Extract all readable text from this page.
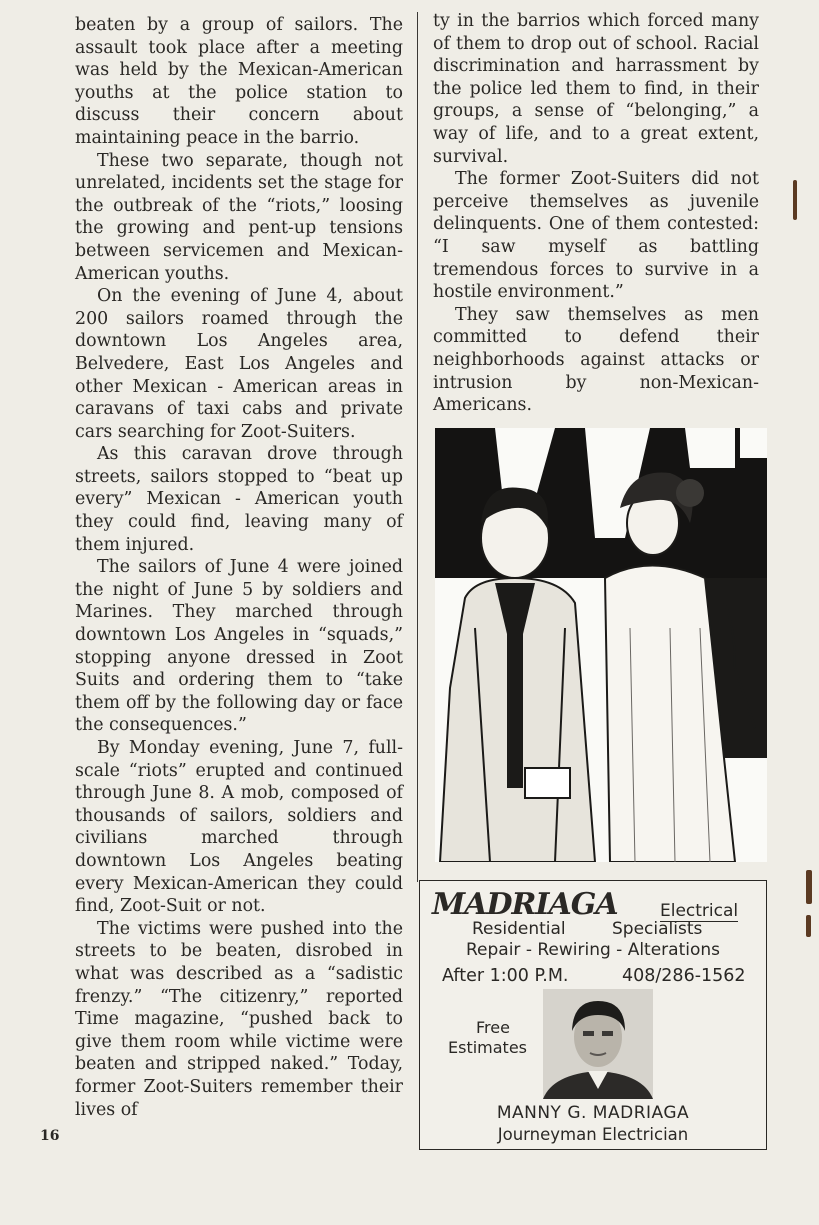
beaten by a group of sailors. The assault took place after a meeting was held by the Mexican-American youths at the police station to discuss their concern about maintaining peace in the barrio.

These two separate, though not unrelated, incidents set the stage for the outbreak of the “riots,” loosing the growing and pent-up tensions between servicemen and Mexican-American youths.

On the evening of June 4, about 200 sailors roamed through the downtown Los Angeles area, Belvedere, East Los Angeles and other Mexican - American areas in caravans of taxi cabs and private cars searching for Zoot-Suiters.

As this caravan drove through streets, sailors stopped to “beat up every” Mexican - American youth they could find, leaving many of them injured.

The sailors of June 4 were joined the night of June 5 by soldiers and Marines. They marched through downtown Los Angeles in “squads,” stopping anyone dressed in Zoot Suits and ordering them to “take them off by the following day or face the consequences.”

By Monday evening, June 7, full-scale “riots” erupted and continued through June 8. A mob, composed of thousands of sailors, soldiers and civilians marched through downtown Los Angeles beating every Mexican-American they could find, Zoot-Suit or not.

The victims were pushed into the streets to be beaten, disrobed in what was described as a “sadistic frenzy.” “The citizenry,” reported Time magazine, “pushed back to give them room while victime were beaten and stripped naked.” Today, former Zoot-Suiters remember their lives of

ty in the barrios which forced many of them to drop out of school. Racial discrimination and harrassment by the police led them to find, in their groups, a sense of “belonging,” a way of life, and to a great extent, survival.

The former Zoot-Suiters did not perceive themselves as juvenile delinquents. One of them contested: “I saw myself as battling tremendous forces to survive in a hostile environment.”

They saw themselves as men committed to defend their neighborhoods against attacks or intrusion by non-Mexican-Americans.

MADRIAGA Electrical
Residential	Specialists
Repair - Rewiring - Alterations
After 1:00 P.M.	408/286-1562
Free
Estimates
MANNY G. MADRIAGA
Journeyman Electrician
16
